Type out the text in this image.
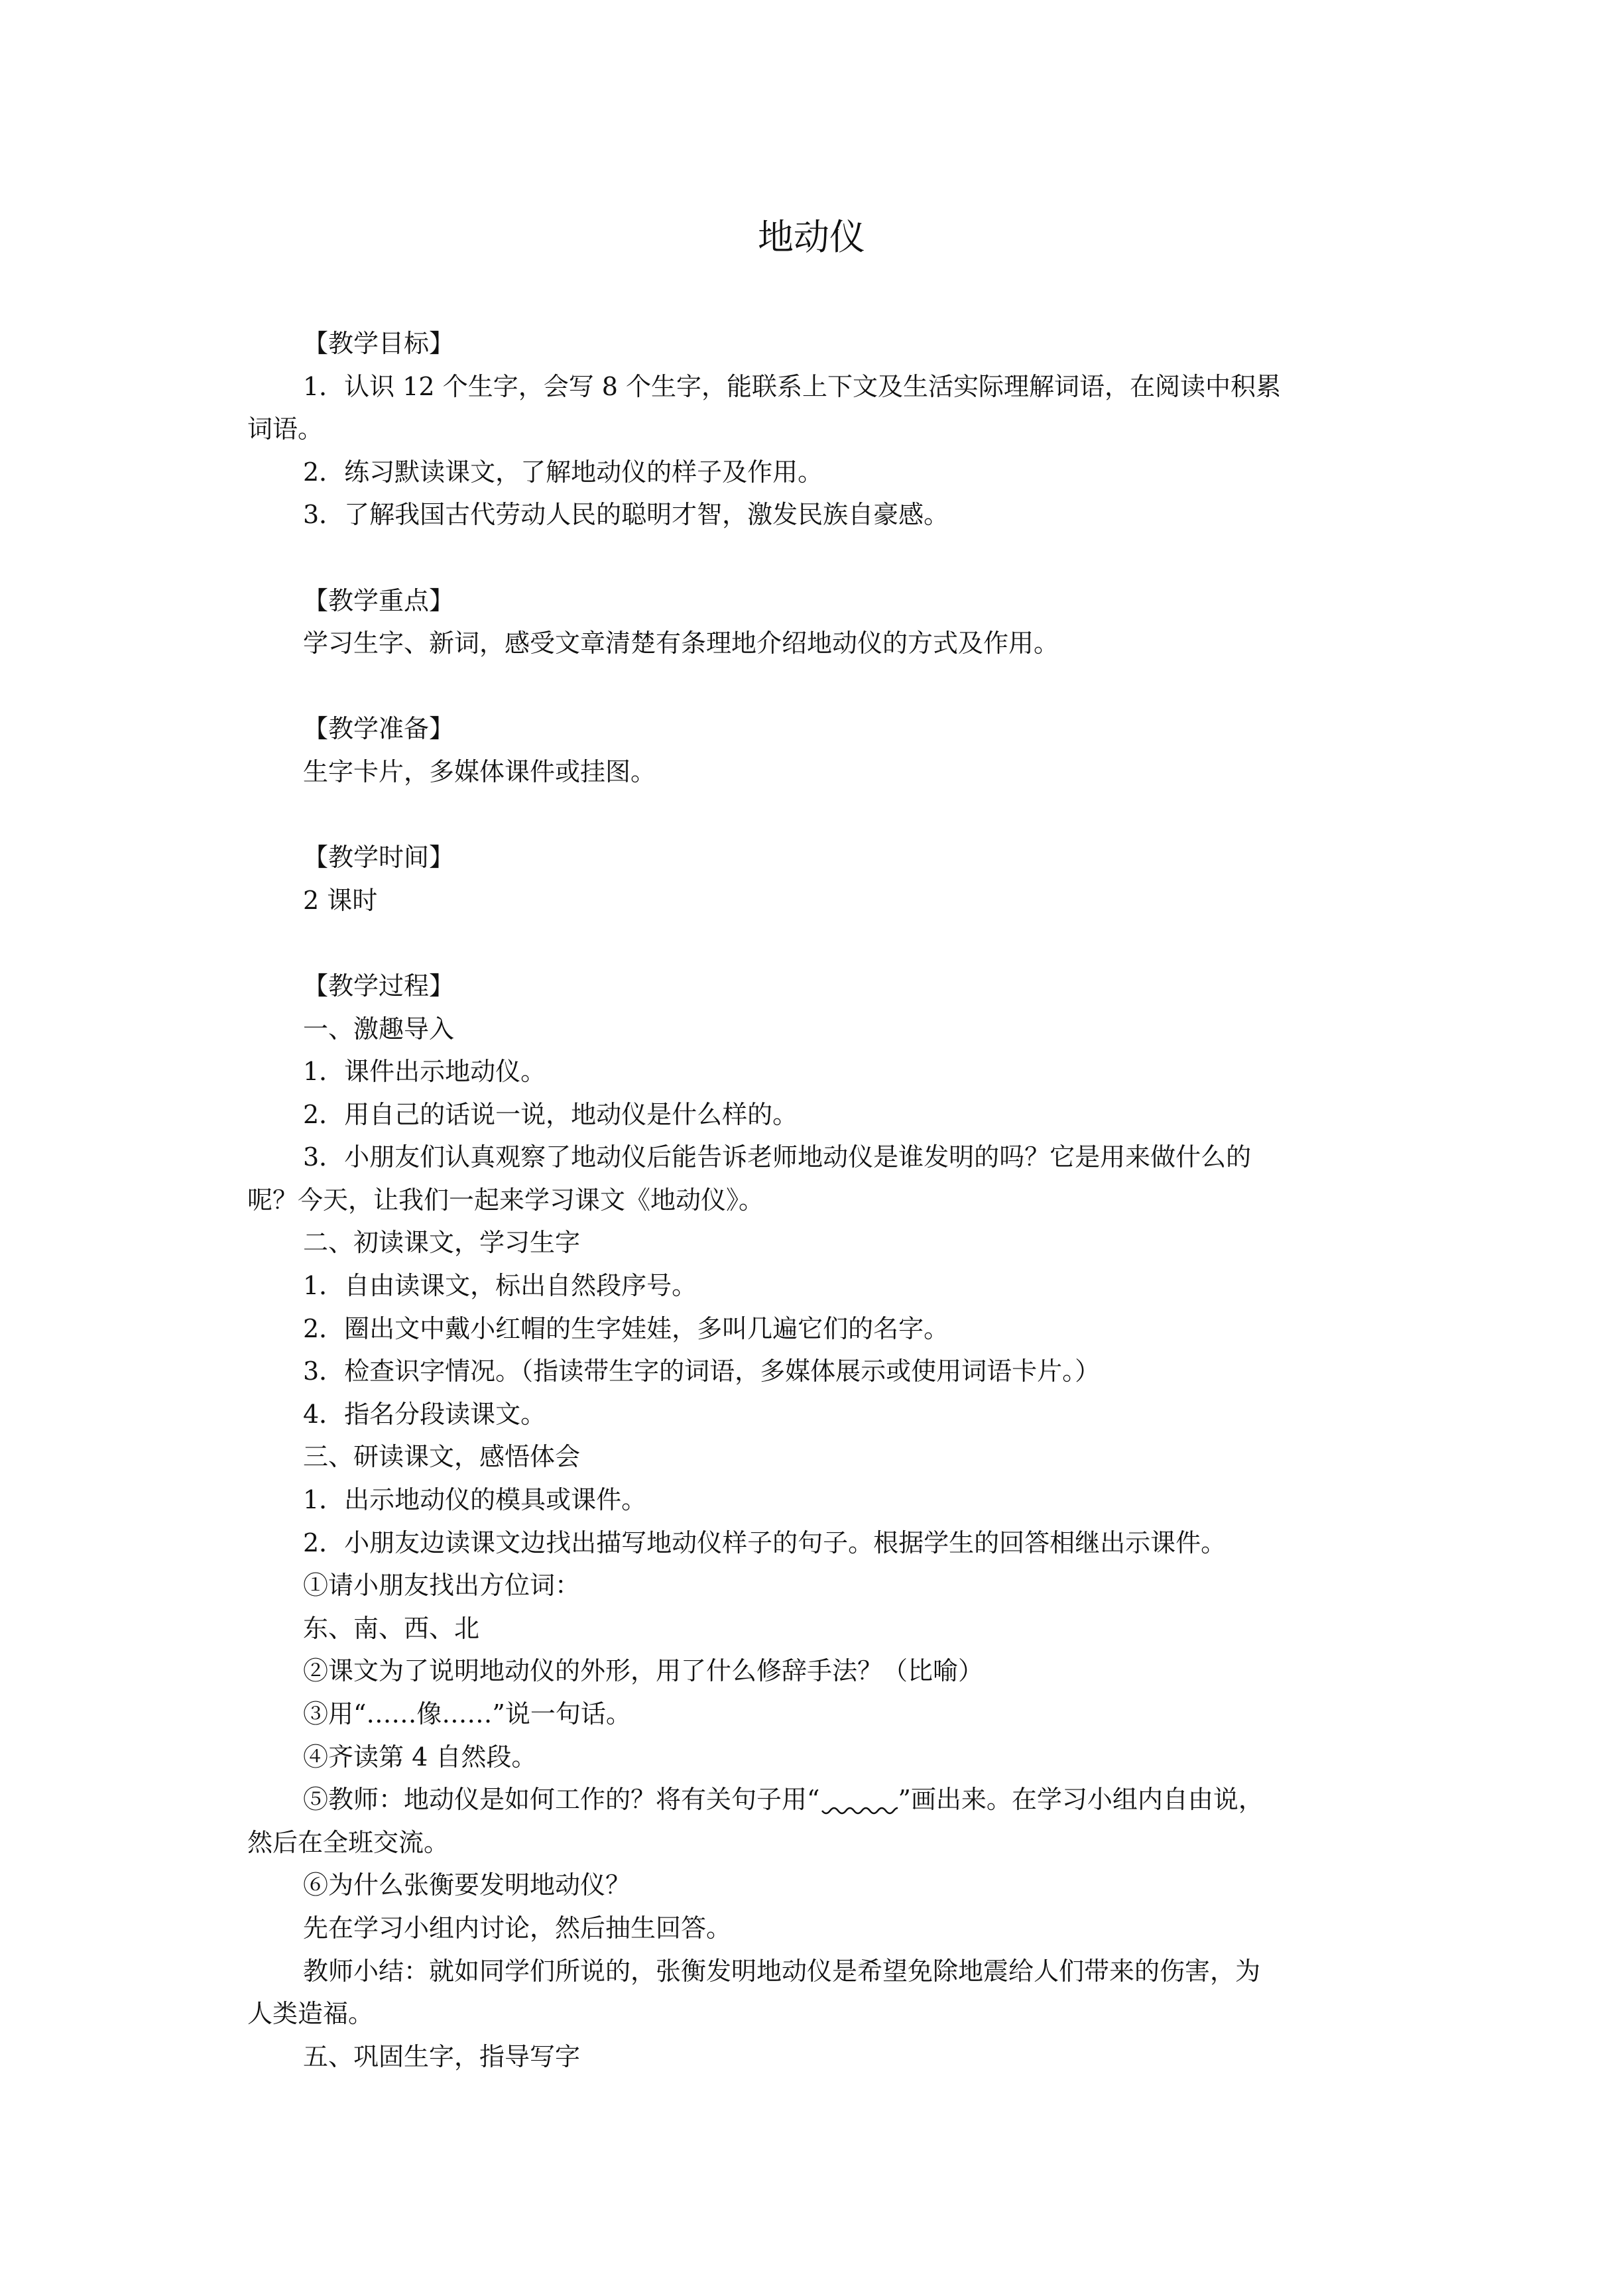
地动仪
【教学目标】
1．认识 12 个生字，会写 8 个生字，能联系上下文及生活实际理解词语，在阅读中积累
词语。
2．练习默读课文，了解地动仪的样子及作用。
3．了解我国古代劳动人民的聪明才智，激发民族自豪感。
【教学重点】
学习生字、新词，感受文章清楚有条理地介绍地动仪的方式及作用。
【教学准备】
生字卡片，多媒体课件或挂图。
【教学时间】
2 课时
【教学过程】
一、激趣导入
1．课件出示地动仪。
2．用自己的话说一说，地动仪是什么样的。
3．小朋友们认真观察了地动仪后能告诉老师地动仪是谁发明的吗？它是用来做什么的
呢？今天，让我们一起来学习课文《地动仪》。
二、初读课文，学习生字
1．自由读课文，标出自然段序号。
2．圈出文中戴小红帽的生字娃娃，多叫几遍它们的名字。
3．检查识字情况。（指读带生字的词语，多媒体展示或使用词语卡片。）
4．指名分段读课文。
三、研读课文，感悟体会
1．出示地动仪的模具或课件。
2．小朋友边读课文边找出描写地动仪样子的句子。根据学生的回答相继出示课件。
①请小朋友找出方位词：
东、南、西、北
②课文为了说明地动仪的外形，用了什么修辞手法？（比喻）
③用“……像……”说一句话。
④齐读第 4 自然段。
⑤教师：地动仪是如何工作的？将有关句子用“	”画出来。在学习小组内自由说，
然后在全班交流。
⑥为什么张衡要发明地动仪？
先在学习小组内讨论，然后抽生回答。
教师小结：就如同学们所说的，张衡发明地动仪是希望免除地震给人们带来的伤害，为
人类造福。
五、巩固生字，指导写字
